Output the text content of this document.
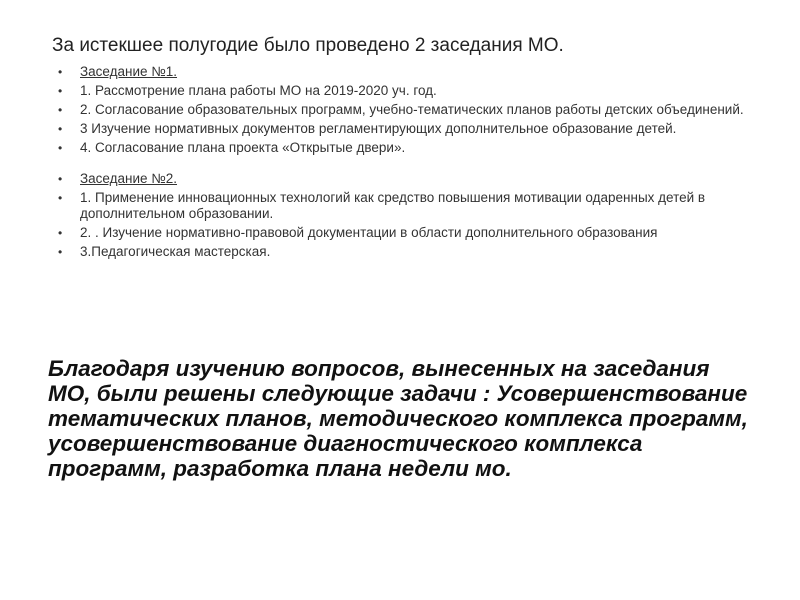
За истекшее полугодие было проведено 2 заседания МО.
• Заседание №1.
• 1. Рассмотрение плана работы МО на 2019-2020 уч. год.
• 2. Согласование образовательных программ, учебно-тематических планов работы детских объединений.
• 3 Изучение нормативных документов регламентирующих дополнительное образование детей.
• 4. Согласование плана проекта «Открытые двери».
• Заседание №2.
• 1. Применение инновационных технологий как средство повышения мотивации одаренных детей в дополнительном образовании.
• 2. . Изучение нормативно-правовой документации в области дополнительного образования
• 3.Педагогическая мастерская.
Благодаря изучению вопросов, вынесенных на заседания МО, были решены следующие задачи : Усовершенствование тематических планов, методического комплекса программ, усовершенствование диагностического комплекса программ, разработка плана недели мо.
